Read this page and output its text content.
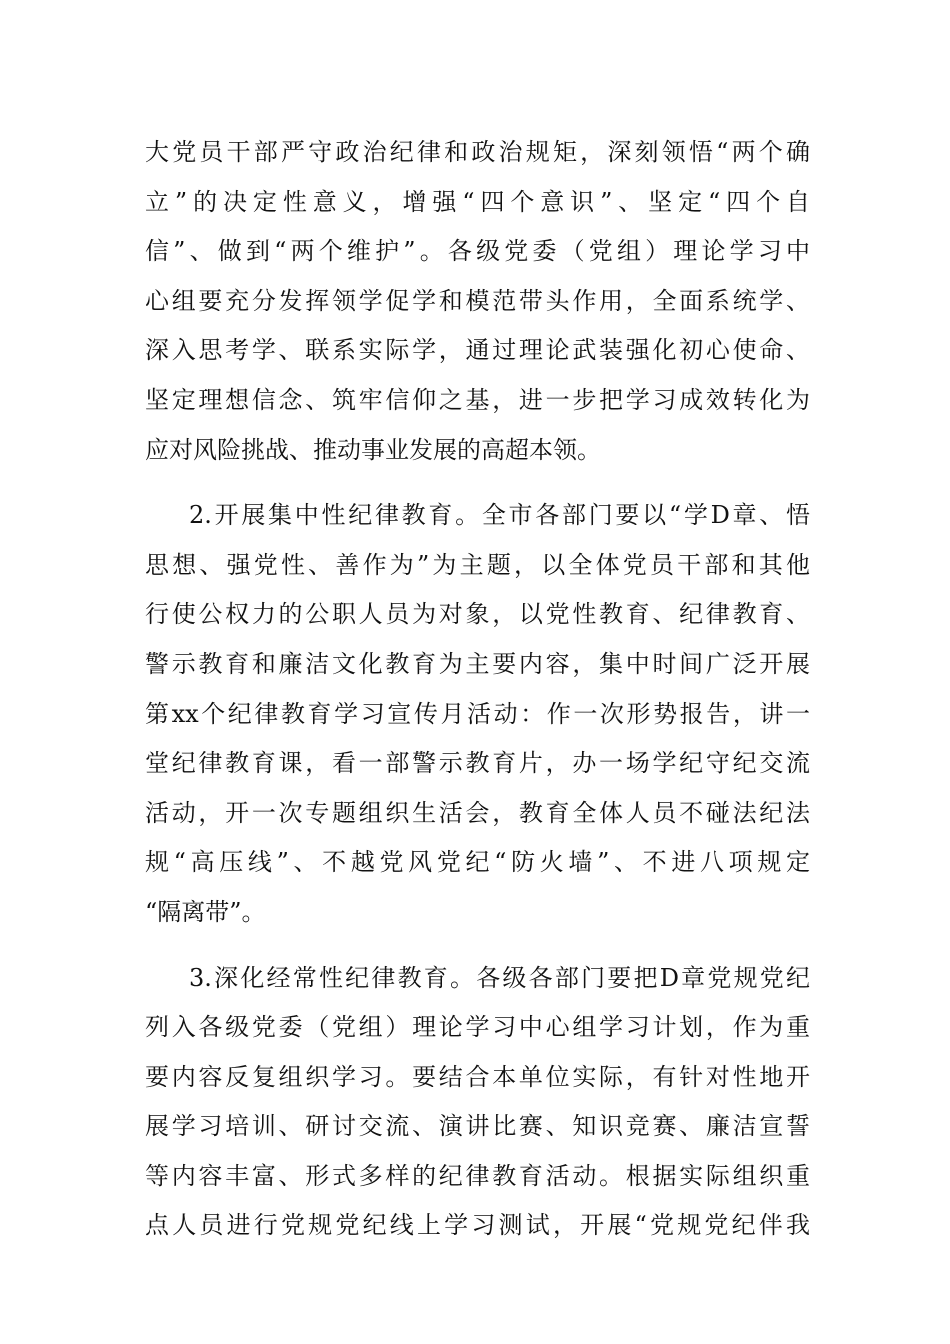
大党员干部严守政治纪律和政治规矩，深刻领悟“两个确
立”的决定性意义，增强“四个意识”、坚定“四个自
信”、做到“两个维护”。各级党委（党组）理论学习中
心组要充分发挥领学促学和模范带头作用，全面系统学、
深入思考学、联系实际学，通过理论武装强化初心使命、
坚定理想信念、筑牢信仰之基，进一步把学习成效转化为
应对风险挑战、推动事业发展的高超本领。
2.开展集中性纪律教育。全市各部门要以“学D章、悟
思想、强党性、善作为”为主题，以全体党员干部和其他
行使公权力的公职人员为对象，以党性教育、纪律教育、
警示教育和廉洁文化教育为主要内容，集中时间广泛开展
第xx个纪律教育学习宣传月活动：作一次形势报告，讲一
堂纪律教育课，看一部警示教育片，办一场学纪守纪交流
活动，开一次专题组织生活会，教育全体人员不碰法纪法
规“高压线”、不越党风党纪“防火墙”、不进八项规定
“隔离带”。
3.深化经常性纪律教育。各级各部门要把D章党规党纪
列入各级党委（党组）理论学习中心组学习计划，作为重
要内容反复组织学习。要结合本单位实际，有针对性地开
展学习培训、研讨交流、演讲比赛、知识竞赛、廉洁宣誓
等内容丰富、形式多样的纪律教育活动。根据实际组织重
点人员进行党规党纪线上学习测试，开展“党规党纪伴我
